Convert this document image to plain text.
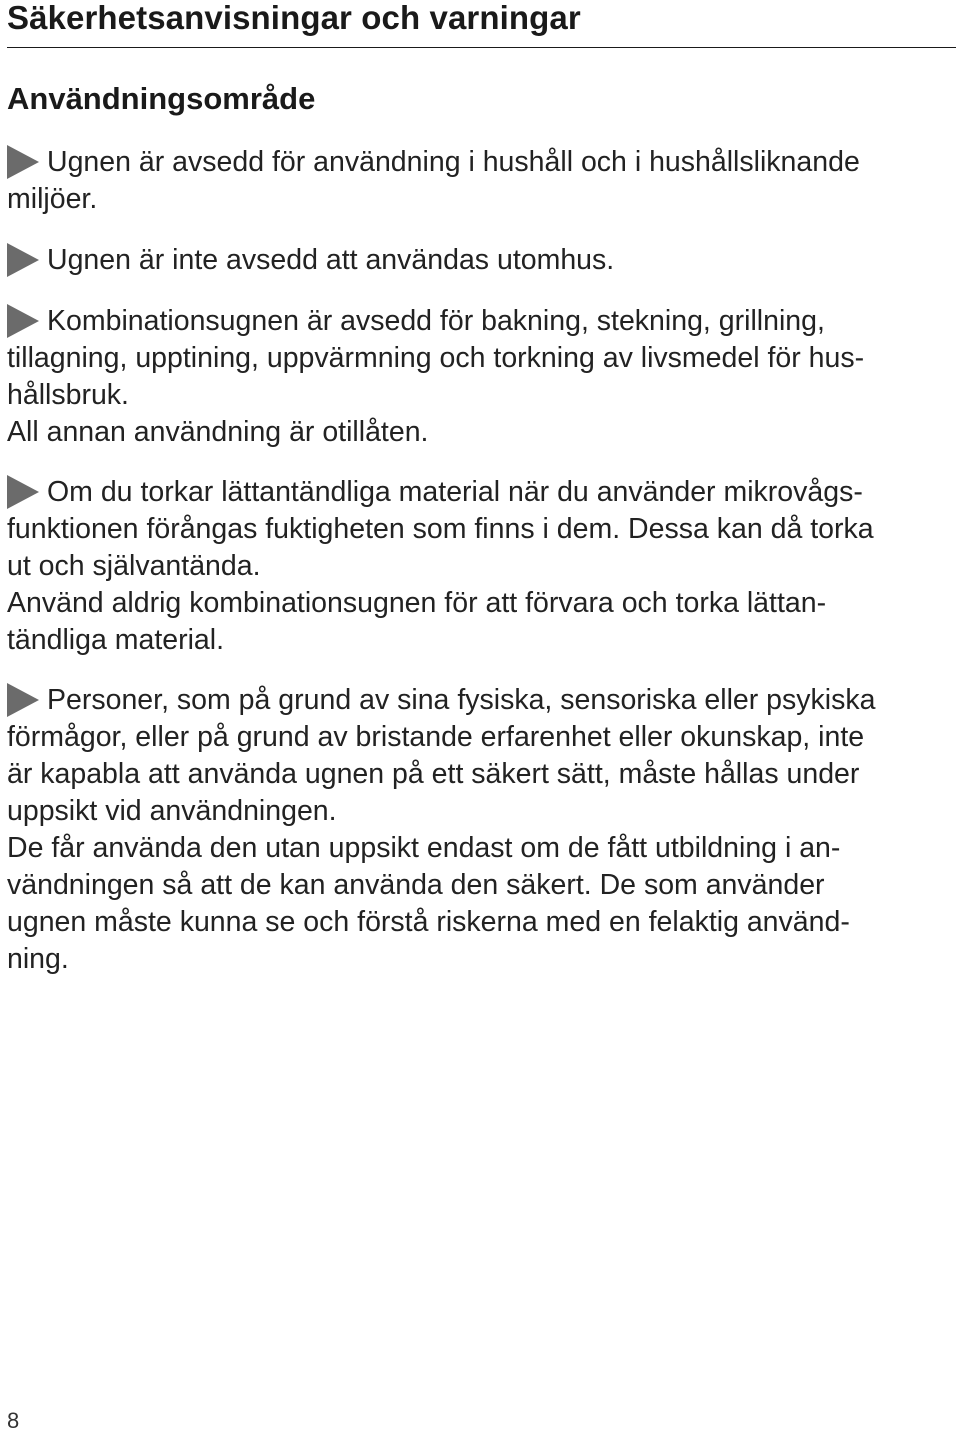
Säkerhetsanvisningar och varningar
Användningsområde

Ugnen är avsedd för användning i hushåll och i hushållsliknande

miljöer.

Ugnen är inte avsedd att användas utomhus.

Kombinationsugnen är avsedd för bakning, stekning, grillning,

tillagning, upptining, uppvärmning och torkning av livsmedel för hus-

hållsbruk.

All annan användning är otillåten.

Om du torkar lättantändliga material när du använder mikrovågs-

funktionen förångas fuktigheten som finns i dem. Dessa kan då torka

ut och självantända.

Använd aldrig kombinationsugnen för att förvara och torka lättan-

tändliga material.

Personer, som på grund av sina fysiska, sensoriska eller psykiska

förmågor, eller på grund av bristande erfarenhet eller okunskap, inte

är kapabla att använda ugnen på ett säkert sätt, måste hållas under

uppsikt vid användningen.

De får använda den utan uppsikt endast om de fått utbildning i an-

vändningen så att de kan använda den säkert. De som använder

ugnen måste kunna se och förstå riskerna med en felaktig använd-

ning.

8
